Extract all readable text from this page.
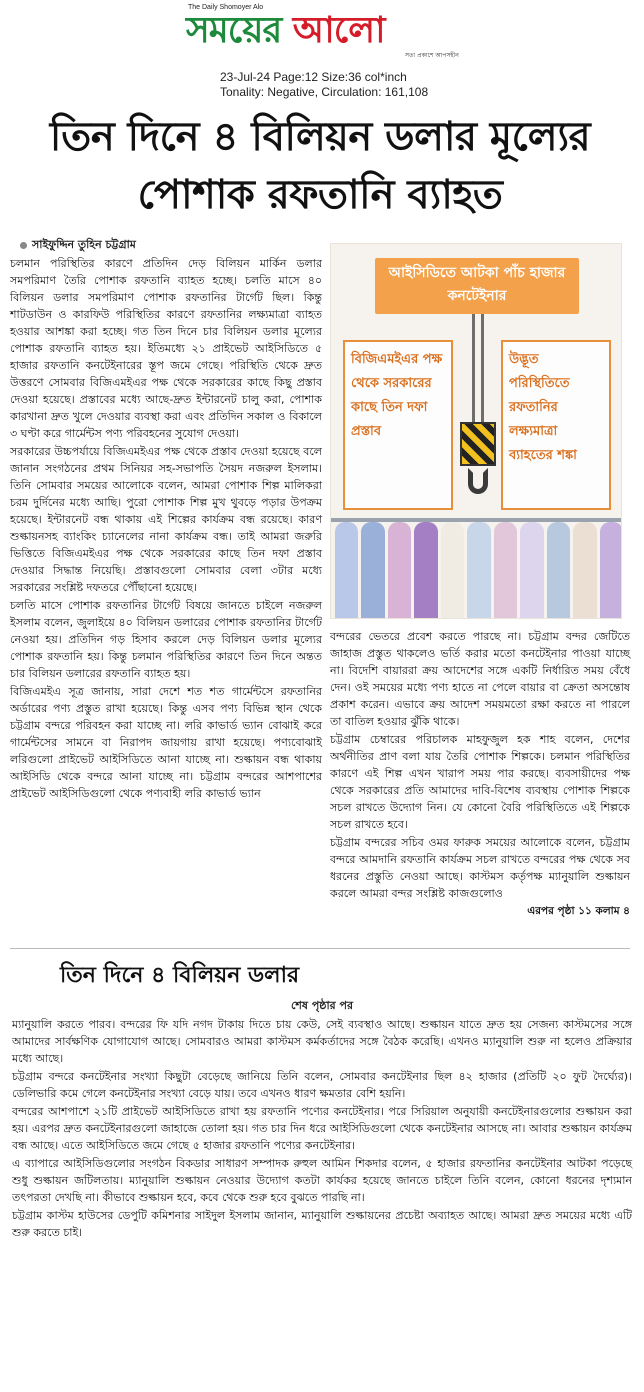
The Daily Shomoyer Alo
সময়ের আলো
সত্য প্রকাশে আপসহীন
23-Jul-24 Page:12 Size:36 col*inch
Tonality: Negative, Circulation: 161,108
তিন দিনে ৪ বিলিয়ন ডলার মূল্যের
পোশাক রফতানি ব্যাহত
সাইফুদ্দিন তুহিন চট্টগ্রাম

চলমান পরিস্থিতির কারণে প্রতিদিন দেড় বিলিয়ন মার্কিন ডলার সমপরিমাণ তৈরি পোশাক রফতানি ব্যাহত হচ্ছে। চলতি মাসে ৪০ বিলিয়ন ডলার সমপরিমাণ পোশাক রফতানির টার্গেট ছিল। কিন্তু শাটডাউন ও কারফিউ পরিস্থিতির কারণে রফতানির লক্ষ্যমাত্রা ব্যাহত হওয়ার আশঙ্কা করা হচ্ছে। গত তিন দিনে চার বিলিয়ন ডলার মূল্যের পোশাক রফতানি ব্যাহত হয়। ইতিমধ্যে ২১ প্রাইভেট আইসিডিতে ৫ হাজার রফতানি কনটেইনারের স্তূপ জমে গেছে। পরিস্থিতি থেকে দ্রুত উত্তরণে সোমবার বিজিএমইএর পক্ষ থেকে সরকারের কাছে কিছু প্রস্তাব দেওয়া হয়েছে। প্রস্তাবের মধ্যে আছে-দ্রুত ইন্টারনেট চালু করা, পোশাক কারখানা দ্রুত খুলে দেওয়ার ব্যবস্থা করা এবং প্রতিদিন সকাল ও বিকালে ৩ ঘণ্টা করে গার্মেন্টস পণ্য পরিবহনের সুযোগ দেওয়া।

সরকারের উচ্চপর্যায়ে বিজিএমইএর পক্ষ থেকে প্রস্তাব দেওয়া হয়েছে বলে জানান সংগঠনের প্রথম সিনিয়র সহ-সভাপতি সৈয়দ নজরুল ইসলাম। তিনি সোমবার সময়ের আলোকে বলেন, আমরা পোশাক শিল্প মালিকরা চরম দুর্দিনের মধ্যে আছি। পুরো পোশাক শিল্প মুখ থুবড়ে পড়ার উপক্রম হয়েছে। ইন্টারনেট বন্ধ থাকায় এই শিল্পের কার্যক্রম বন্ধ রয়েছে। কারণ শুল্কায়নসহ ব্যাংকিং চ্যানেলের নানা কার্যক্রম বন্ধ। তাই আমরা জরুরি ভিত্তিতে বিজিএমইএর পক্ষ থেকে সরকারের কাছে তিন দফা প্রস্তাব দেওয়ার সিদ্ধান্ত নিয়েছি। প্রস্তাবগুলো সোমবার বেলা ৩টার মধ্যে সরকারের সংশ্লিষ্ট দফতরে পৌঁছানো হয়েছে।

চলতি মাসে পোশাক রফতানির টার্গেট বিষয়ে জানতে চাইলে নজরুল ইসলাম বলেন, জুলাইয়ে ৪০ বিলিয়ন ডলারের পোশাক রফতানির টার্গেট নেওয়া হয়। প্রতিদিন গড় হিসাব করলে দেড় বিলিয়ন ডলার মূল্যের পোশাক রফতানি হয়। কিন্তু চলমান পরিস্থিতির কারণে তিন দিনে অন্তত চার বিলিয়ন ডলারের রফতানি ব্যাহত হয়।

বিজিএমইএ সূত্র জানায়, সারা দেশে শত শত গার্মেন্টসে রফতানির অর্ডারের পণ্য প্রস্তুত রাখা হয়েছে। কিন্তু এসব পণ্য বিভিন্ন স্থান থেকে চট্টগ্রাম বন্দরে পরিবহন করা যাচ্ছে না। লরি কাভার্ড ভ্যান বোঝাই করে গার্মেন্টসের সামনে বা নিরাপদ জায়গায় রাখা হয়েছে। পণ্যবোঝাই লরিগুলো প্রাইভেট আইসিডিতে আনা যাচ্ছে না। শুল্কায়ন বন্ধ থাকায় আইসিডি থেকে বন্দরে আনা যাচ্ছে না। চট্টগ্রাম বন্দরের আশপাশের প্রাইভেট আইসিডিগুলো থেকে পণ্যবাহী লরি কাভার্ড ভ্যান

আইসিডিতে আটকা পাঁচ হাজার কনটেইনার
বিজিএমইএর পক্ষ থেকে সরকারের কাছে তিন দফা প্রস্তাব
উদ্ভূত পরিস্থিতিতে রফতানির লক্ষ্যমাত্রা ব্যাহতের শঙ্কা

বন্দরের ভেতরে প্রবেশ করতে পারছে না। চট্টগ্রাম বন্দর জেটিতে জাহাজ প্রস্তুত থাকলেও ভর্তি করার মতো কনটেইনার পাওয়া যাচ্ছে না। বিদেশি বায়াররা ক্রয় আদেশের সঙ্গে একটি নির্ধারিত সময় বেঁধে দেন। ওই সময়ের মধ্যে পণ্য হাতে না পেলে বায়ার বা ক্রেতা অসন্তোষ প্রকাশ করেন। এভাবে ক্রয় আদেশ সময়মতো রক্ষা করতে না পারলে তা বাতিল হওয়ার ঝুঁকি থাকে।

চট্টগ্রাম চেম্বারের পরিচালক মাহফুজুল হক শাহ বলেন, দেশের অর্থনীতির প্রাণ বলা যায় তৈরি পোশাক শিল্পকে। চলমান পরিস্থিতির কারণে এই শিল্প এখন খারাপ সময় পার করছে। ব্যবসায়ীদের পক্ষ থেকে সরকারের প্রতি আমাদের দাবি-বিশেষ ব্যবস্থায় পোশাক শিল্পকে সচল রাখতে উদ্যোগ নিন। যে কোনো বৈরি পরিস্থিতিতে এই শিল্পকে সচল রাখতে হবে।

চট্টগ্রাম বন্দরের সচিব ওমর ফারুক সময়ের আলোকে বলেন, চট্টগ্রাম বন্দরে আমদানি রফতানি কার্যক্রম সচল রাখতে বন্দরের পক্ষ থেকে সব ধরনের প্রস্তুতি নেওয়া আছে। কাস্টমস কর্তৃপক্ষ ম্যানুয়ালি শুল্কায়ন করলে আমরা বন্দর সংশ্লিষ্ট কাজগুলোও

এরপর পৃষ্ঠা ১১ কলাম ৪

তিন দিনে ৪ বিলিয়ন ডলার
শেষ পৃষ্ঠার পর

ম্যানুয়ালি করতে পারব। বন্দরের ফি যদি নগদ টাকায় দিতে চায় কেউ, সেই ব্যবস্থাও আছে। শুল্কায়ন যাতে দ্রুত হয় সেজন্য কাস্টমসের সঙ্গে আমাদের সার্বক্ষণিক যোগাযোগ আছে। সোমবারও আমরা কাস্টমস কর্মকর্তাদের সঙ্গে বৈঠক করেছি। এখনও ম্যানুয়ালি শুরু না হলেও প্রক্রিয়ার মধ্যে আছে।

চট্টগ্রাম বন্দরে কনটেইনার সংখ্যা কিছুটা বেড়েছে জানিয়ে তিনি বলেন, সোমবার কনটেইনার ছিল ৪২ হাজার (প্রতিটি ২০ ফুট দৈর্ঘ্যের)। ডেলিভারি কমে গেলে কনটেইনার সংখ্যা বেড়ে যায়। তবে এখনও ধারণ ক্ষমতার বেশি হয়নি।

বন্দরের আশপাশে ২১টি প্রাইভেট আইসিডিতে রাখা হয় রফতানি পণ্যের কনটেইনার। পরে সিরিয়াল অনুযায়ী কনটেইনারগুলোর শুল্কায়ন করা হয়। এরপর দ্রুত কনটেইনারগুলো জাহাজে তোলা হয়। গত চার দিন ধরে আইসিডিগুলো থেকে কনটেইনার আসছে না। আবার শুল্কায়ন কার্যক্রম বন্ধ আছে। এতে আইসিডিতে জমে গেছে ৫ হাজার রফতানি পণ্যের কনটেইনার।

এ ব্যাপারে আইসিডিগুলোর সংগঠন বিকডার সাধারণ সম্পাদক রুহুল আমিন শিকদার বলেন, ৫ হাজার রফতানির কনটেইনার আটকা পড়েছে শুধু শুল্কায়ন জটিলতায়। ম্যানুয়ালি শুল্কায়ন নেওয়ার উদ্যোগ কতটা কার্যকর হয়েছে জানতে চাইলে তিনি বলেন, কোনো ধরনের দৃশ্যমান তৎপরতা দেখছি না। কীভাবে শুল্কায়ন হবে, কবে থেকে শুরু হবে বুঝতে পারছি না।

চট্টগ্রাম কাস্টম হাউসের ডেপুটি কমিশনার সাইদুল ইসলাম জানান, ম্যানুয়ালি শুল্কায়নের প্রচেষ্টা অব্যাহত আছে। আমরা দ্রুত সময়ের মধ্যে এটি শুরু করতে চাই।
